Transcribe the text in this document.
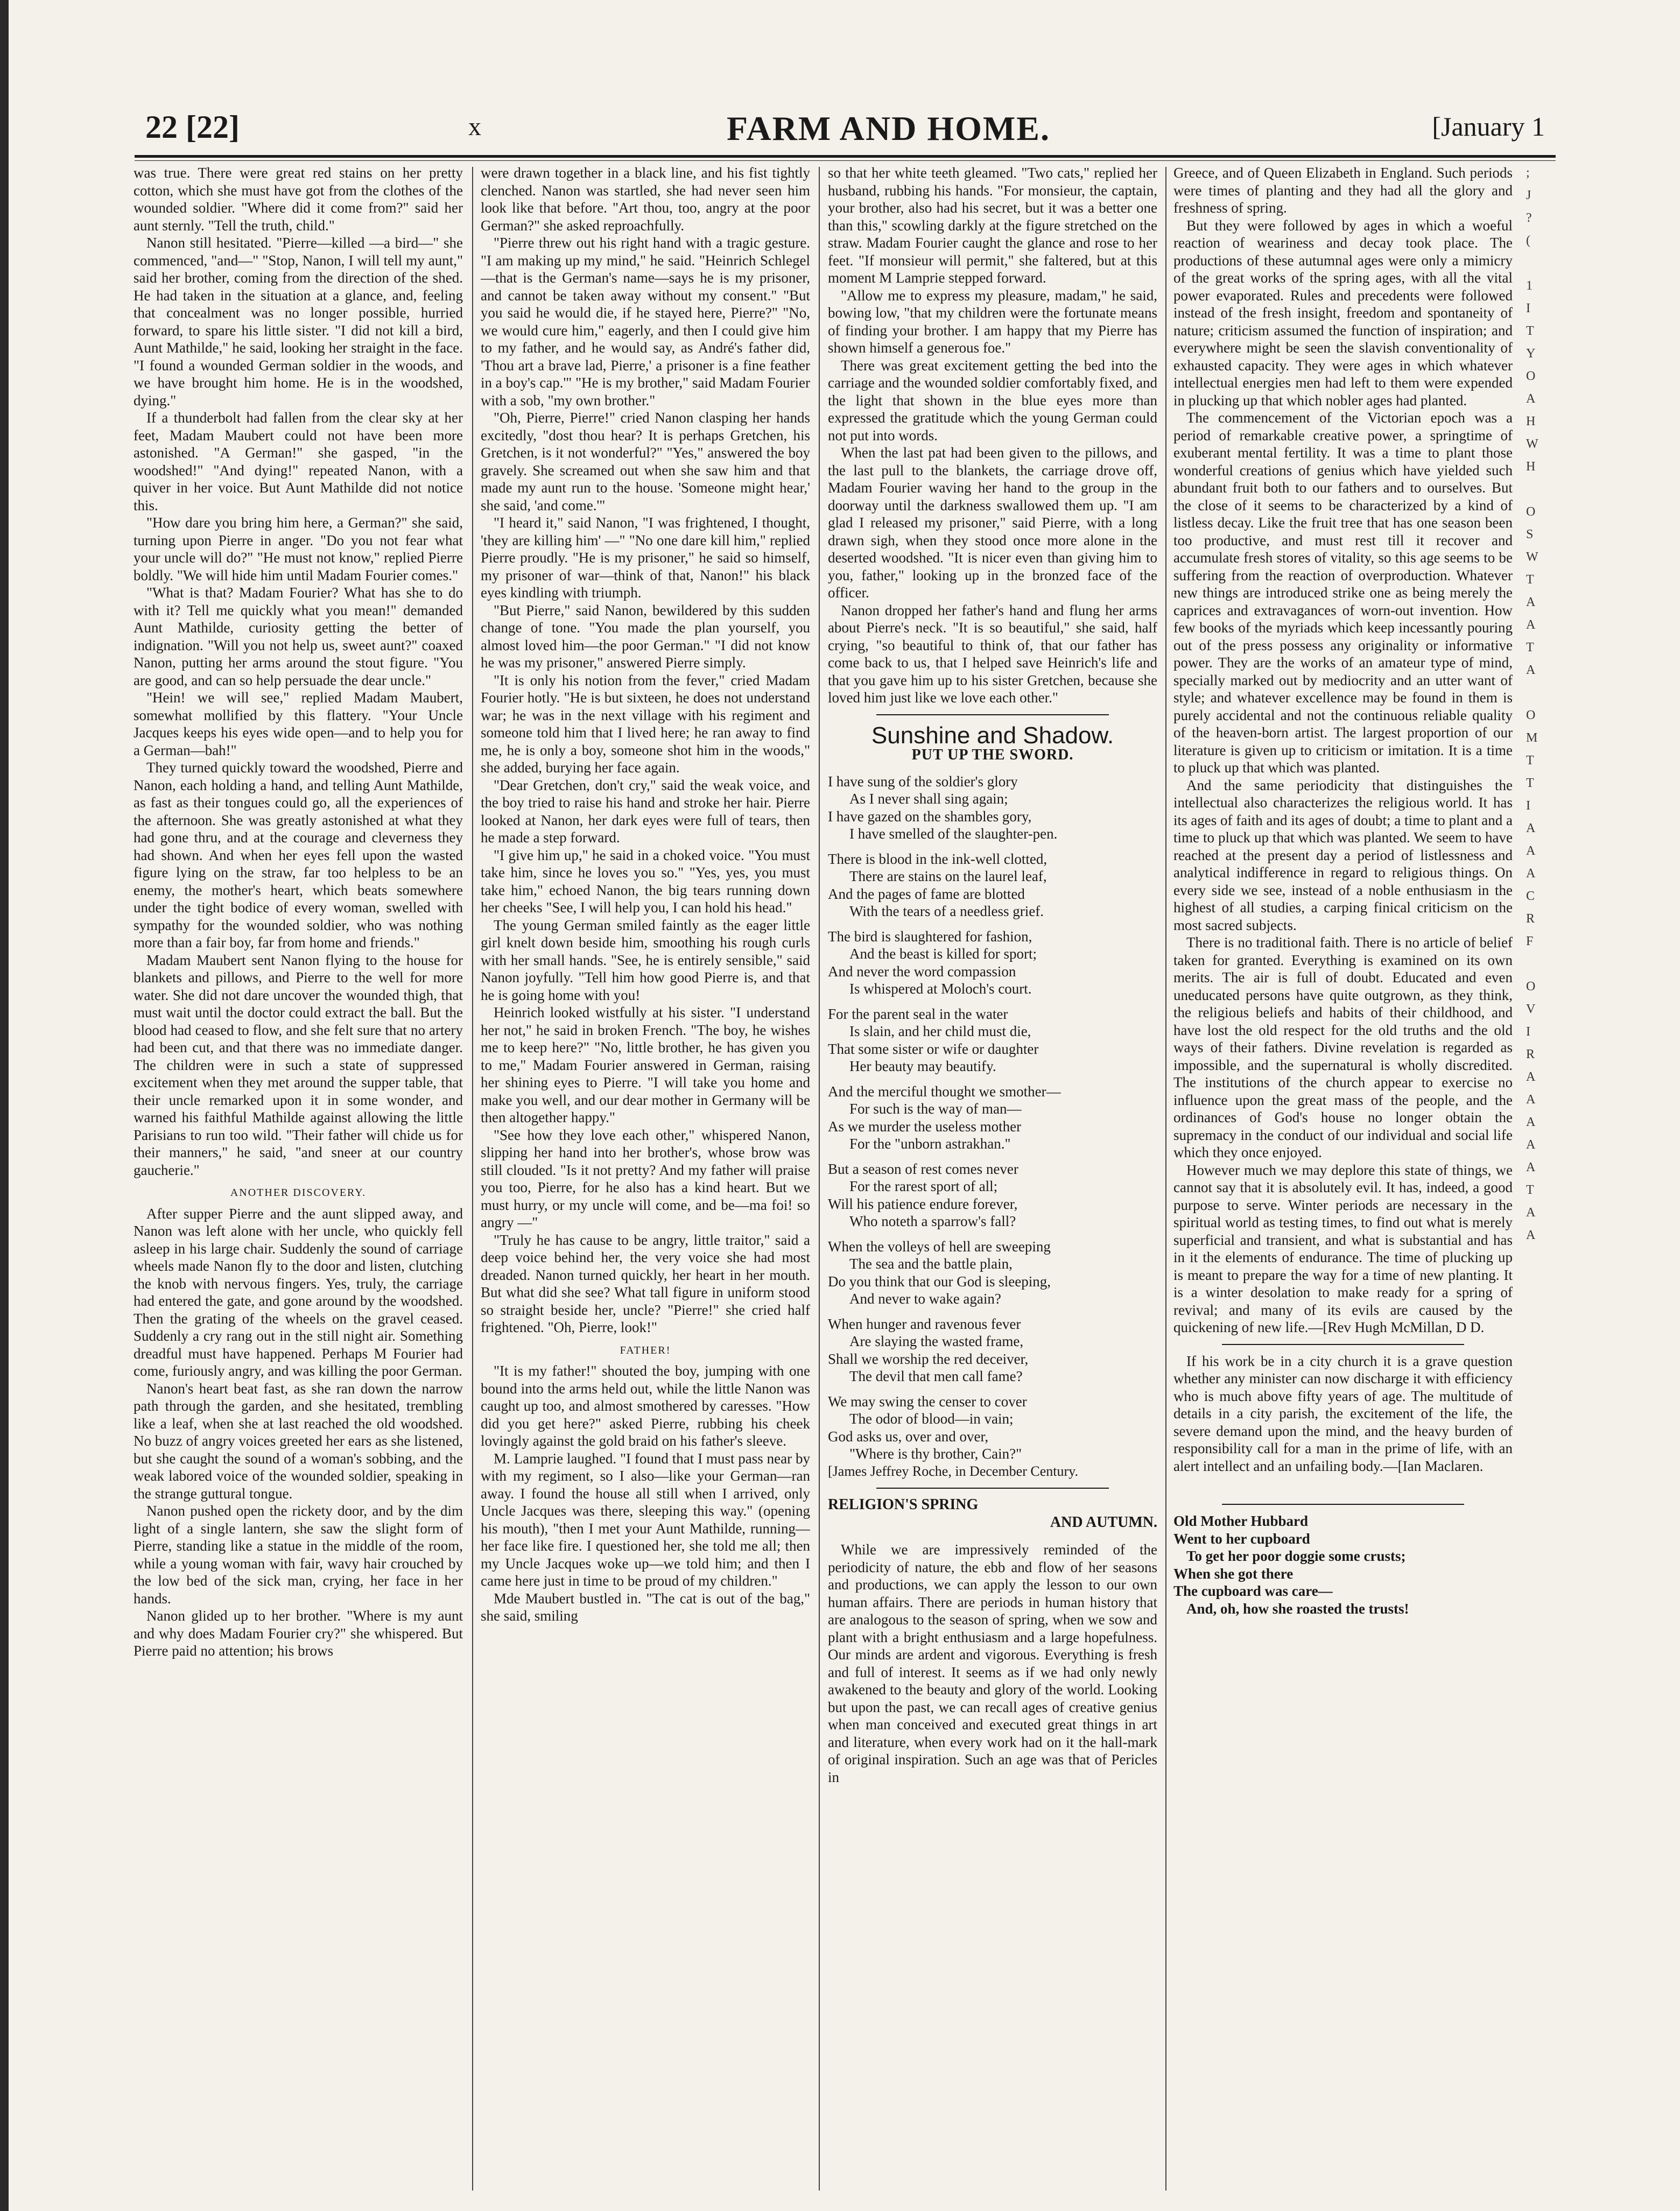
22 [22]	x	FARM AND HOME.	[January 1

was true. There were great red stains on her pretty cotton, which she must have got from the clothes of the wounded soldier. "Where did it come from?" said her aunt sternly. "Tell the truth, child."

Nanon still hesitated. "Pierre—killed —a bird—" she commenced, "and—" "Stop, Nanon, I will tell my aunt," said her brother, coming from the direction of the shed. He had taken in the situation at a glance, and, feeling that concealment was no longer possible, hurried forward, to spare his little sister. "I did not kill a bird, Aunt Mathilde," he said, looking her straight in the face. "I found a wounded German soldier in the woods, and we have brought him home. He is in the woodshed, dying."

If a thunderbolt had fallen from the clear sky at her feet, Madam Maubert could not have been more astonished. "A German!" she gasped, "in the woodshed!" "And dying!" repeated Nanon, with a quiver in her voice. But Aunt Mathilde did not notice this.

"How dare you bring him here, a German?" she said, turning upon Pierre in anger. "Do you not fear what your uncle will do?" "He must not know," replied Pierre boldly. "We will hide him until Madam Fourier comes."

"What is that? Madam Fourier? What has she to do with it? Tell me quickly what you mean!" demanded Aunt Mathilde, curiosity getting the better of indignation. "Will you not help us, sweet aunt?" coaxed Nanon, putting her arms around the stout figure. "You are good, and can so help persuade the dear uncle."

"Hein! we will see," replied Madam Maubert, somewhat mollified by this flattery. "Your Uncle Jacques keeps his eyes wide open—and to help you for a German—bah!"

They turned quickly toward the woodshed, Pierre and Nanon, each holding a hand, and telling Aunt Mathilde, as fast as their tongues could go, all the experiences of the afternoon. She was greatly astonished at what they had gone thru, and at the courage and cleverness they had shown. And when her eyes fell upon the wasted figure lying on the straw, far too helpless to be an enemy, the mother's heart, which beats somewhere under the tight bodice of every woman, swelled with sympathy for the wounded soldier, who was nothing more than a fair boy, far from home and friends."

Madam Maubert sent Nanon flying to the house for blankets and pillows, and Pierre to the well for more water. She did not dare uncover the wounded thigh, that must wait until the doctor could extract the ball. But the blood had ceased to flow, and she felt sure that no artery had been cut, and that there was no immediate danger. The children were in such a state of suppressed excitement when they met around the supper table, that their uncle remarked upon it in some wonder, and warned his faithful Mathilde against allowing the little Parisians to run too wild. "Their father will chide us for their manners," he said, "and sneer at our country gaucherie."

ANOTHER DISCOVERY.

After supper Pierre and the aunt slipped away, and Nanon was left alone with her uncle, who quickly fell asleep in his large chair. Suddenly the sound of carriage wheels made Nanon fly to the door and listen, clutching the knob with nervous fingers. Yes, truly, the carriage had entered the gate, and gone around by the woodshed. Then the grating of the wheels on the gravel ceased. Suddenly a cry rang out in the still night air. Something dreadful must have happened. Perhaps M Fourier had come, furiously angry, and was killing the poor German.

Nanon's heart beat fast, as she ran down the narrow path through the garden, and she hesitated, trembling like a leaf, when she at last reached the old woodshed. No buzz of angry voices greeted her ears as she listened, but she caught the sound of a woman's sobbing, and the weak labored voice of the wounded soldier, speaking in the strange guttural tongue.

Nanon pushed open the rickety door, and by the dim light of a single lantern, she saw the slight form of Pierre, standing like a statue in the middle of the room, while a young woman with fair, wavy hair crouched by the low bed of the sick man, crying, her face in her hands.

Nanon glided up to her brother. "Where is my aunt and why does Madam Fourier cry?" she whispered. But Pierre paid no attention; his brows

were drawn together in a black line, and his fist tightly clenched. Nanon was startled, she had never seen him look like that before. "Art thou, too, angry at the poor German?" she asked reproachfully.

"Pierre threw out his right hand with a tragic gesture. "I am making up my mind," he said. "Heinrich Schlegel—that is the German's name—says he is my prisoner, and cannot be taken away without my consent." "But you said he would die, if he stayed here, Pierre?" "No, we would cure him," eagerly, and then I could give him to my father, and he would say, as André's father did, 'Thou art a brave lad, Pierre,' a prisoner is a fine feather in a boy's cap.'" "He is my brother," said Madam Fourier with a sob, "my own brother."

"Oh, Pierre, Pierre!" cried Nanon clasping her hands excitedly, "dost thou hear? It is perhaps Gretchen, his Gretchen, is it not wonderful?" "Yes," answered the boy gravely. She screamed out when she saw him and that made my aunt run to the house. 'Someone might hear,' she said, 'and come.'"

"I heard it," said Nanon, "I was frightened, I thought, 'they are killing him' —" "No one dare kill him," replied Pierre proudly. "He is my prisoner," he said so himself, my prisoner of war—think of that, Nanon!" his black eyes kindling with triumph.

"But Pierre," said Nanon, bewildered by this sudden change of tone. "You made the plan yourself, you almost loved him—the poor German." "I did not know he was my prisoner," answered Pierre simply.

"It is only his notion from the fever," cried Madam Fourier hotly. "He is but sixteen, he does not understand war; he was in the next village with his regiment and someone told him that I lived here; he ran away to find me, he is only a boy, someone shot him in the woods," she added, burying her face again.

"Dear Gretchen, don't cry," said the weak voice, and the boy tried to raise his hand and stroke her hair. Pierre looked at Nanon, her dark eyes were full of tears, then he made a step forward.

"I give him up," he said in a choked voice. "You must take him, since he loves you so." "Yes, yes, you must take him," echoed Nanon, the big tears running down her cheeks "See, I will help you, I can hold his head."

The young German smiled faintly as the eager little girl knelt down beside him, smoothing his rough curls with her small hands. "See, he is entirely sensible," said Nanon joyfully. "Tell him how good Pierre is, and that he is going home with you!

Heinrich looked wistfully at his sister. "I understand her not," he said in broken French. "The boy, he wishes me to keep here?" "No, little brother, he has given you to me," Madam Fourier answered in German, raising her shining eyes to Pierre. "I will take you home and make you well, and our dear mother in Germany will be then altogether happy."

"See how they love each other," whispered Nanon, slipping her hand into her brother's, whose brow was still clouded. "Is it not pretty? And my father will praise you too, Pierre, for he also has a kind heart. But we must hurry, or my uncle will come, and be—ma foi! so angry —"

"Truly he has cause to be angry, little traitor," said a deep voice behind her, the very voice she had most dreaded. Nanon turned quickly, her heart in her mouth. But what did she see? What tall figure in uniform stood so straight beside her, uncle? "Pierre!" she cried half frightened. "Oh, Pierre, look!"

FATHER!

"It is my father!" shouted the boy, jumping with one bound into the arms held out, while the little Nanon was caught up too, and almost smothered by caresses. "How did you get here?" asked Pierre, rubbing his cheek lovingly against the gold braid on his father's sleeve.

M. Lamprie laughed. "I found that I must pass near by with my regiment, so I also—like your German—ran away. I found the house all still when I arrived, only Uncle Jacques was there, sleeping this way." (opening his mouth), "then I met your Aunt Mathilde, running—her face like fire. I questioned her, she told me all; then my Uncle Jacques woke up—we told him; and then I came here just in time to be proud of my children."

Mde Maubert bustled in. "The cat is out of the bag," she said, smiling

so that her white teeth gleamed. "Two cats," replied her husband, rubbing his hands. "For monsieur, the captain, your brother, also had his secret, but it was a better one than this," scowling darkly at the figure stretched on the straw. Madam Fourier caught the glance and rose to her feet. "If monsieur will permit," she faltered, but at this moment M Lamprie stepped forward.

"Allow me to express my pleasure, madam," he said, bowing low, "that my children were the fortunate means of finding your brother. I am happy that my Pierre has shown himself a generous foe."

There was great excitement getting the bed into the carriage and the wounded soldier comfortably fixed, and the light that shown in the blue eyes more than expressed the gratitude which the young German could not put into words.

When the last pat had been given to the pillows, and the last pull to the blankets, the carriage drove off, Madam Fourier waving her hand to the group in the doorway until the darkness swallowed them up. "I am glad I released my prisoner," said Pierre, with a long drawn sigh, when they stood once more alone in the deserted woodshed. "It is nicer even than giving him to you, father," looking up in the bronzed face of the officer.

Nanon dropped her father's hand and flung her arms about Pierre's neck. "It is so beautiful," she said, half crying, "so beautiful to think of, that our father has come back to us, that I helped save Heinrich's life and that you gave him up to his sister Gretchen, because she loved him just like we love each other."

Sunshine and Shadow.

PUT UP THE SWORD.

I have sung of the soldier's glory
As I never shall sing again;
I have gazed on the shambles gory,
I have smelled of the slaughter-pen.

There is blood in the ink-well clotted,
There are stains on the laurel leaf,
And the pages of fame are blotted
With the tears of a needless grief.

The bird is slaughtered for fashion,
And the beast is killed for sport;
And never the word compassion
Is whispered at Moloch's court.

For the parent seal in the water
Is slain, and her child must die,
That some sister or wife or daughter
Her beauty may beautify.

And the merciful thought we smother—
For such is the way of man—
As we murder the useless mother
For the "unborn astrakhan."

But a season of rest comes never
For the rarest sport of all;
Will his patience endure forever,
Who noteth a sparrow's fall?

When the volleys of hell are sweeping
The sea and the battle plain,
Do you think that our God is sleeping,
And never to wake again?

When hunger and ravenous fever
Are slaying the wasted frame,
Shall we worship the red deceiver,
The devil that men call fame?

We may swing the censer to cover
The odor of blood—in vain;
God asks us, over and over,
"Where is thy brother, Cain?"

[James Jeffrey Roche, in December Century.

RELIGION'S SPRING

AND AUTUMN.

While we are impressively reminded of the periodicity of nature, the ebb and flow of her seasons and productions, we can apply the lesson to our own human affairs. There are periods in human history that are analogous to the season of spring, when we sow and plant with a bright enthusiasm and a large hopefulness. Our minds are ardent and vigorous. Everything is fresh and full of interest. It seems as if we had only newly awakened to the beauty and glory of the world. Looking but upon the past, we can recall ages of creative genius when man conceived and executed great things in art and literature, when every work had on it the hall-mark of original inspiration. Such an age was that of Pericles in

Greece, and of Queen Elizabeth in England. Such periods were times of planting and they had all the glory and freshness of spring.

But they were followed by ages in which a woeful reaction of weariness and decay took place. The productions of these autumnal ages were only a mimicry of the great works of the spring ages, with all the vital power evaporated. Rules and precedents were followed instead of the fresh insight, freedom and spontaneity of nature; criticism assumed the function of inspiration; and everywhere might be seen the slavish conventionality of exhausted capacity. They were ages in which whatever intellectual energies men had left to them were expended in plucking up that which nobler ages had planted.

The commencement of the Victorian epoch was a period of remarkable creative power, a springtime of exuberant mental fertility. It was a time to plant those wonderful creations of genius which have yielded such abundant fruit both to our fathers and to ourselves. But the close of it seems to be characterized by a kind of listless decay. Like the fruit tree that has one season been too productive, and must rest till it recover and accumulate fresh stores of vitality, so this age seems to be suffering from the reaction of overproduction. Whatever new things are introduced strike one as being merely the caprices and extravagances of worn-out invention. How few books of the myriads which keep incessantly pouring out of the press possess any originality or informative power. They are the works of an amateur type of mind, specially marked out by mediocrity and an utter want of style; and whatever excellence may be found in them is purely accidental and not the continuous reliable quality of the heaven-born artist. The largest proportion of our literature is given up to criticism or imitation. It is a time to pluck up that which was planted.

And the same periodicity that distinguishes the intellectual also characterizes the religious world. It has its ages of faith and its ages of doubt; a time to plant and a time to pluck up that which was planted. We seem to have reached at the present day a period of listlessness and analytical indifference in regard to religious things. On every side we see, instead of a noble enthusiasm in the highest of all studies, a carping finical criticism on the most sacred subjects.

There is no traditional faith. There is no article of belief taken for granted. Everything is examined on its own merits. The air is full of doubt. Educated and even uneducated persons have quite outgrown, as they think, the religious beliefs and habits of their childhood, and have lost the old respect for the old truths and the old ways of their fathers. Divine revelation is regarded as impossible, and the supernatural is wholly discredited. The institutions of the church appear to exercise no influence upon the great mass of the people, and the ordinances of God's house no longer obtain the supremacy in the conduct of our individual and social life which they once enjoyed.

However much we may deplore this state of things, we cannot say that it is absolutely evil. It has, indeed, a good purpose to serve. Winter periods are necessary in the spiritual world as testing times, to find out what is merely superficial and transient, and what is substantial and has in it the elements of endurance. The time of plucking up is meant to prepare the way for a time of new planting. It is a winter desolation to make ready for a spring of revival; and many of its evils are caused by the quickening of new life.—[Rev Hugh McMillan, D D.

If his work be in a city church it is a grave question whether any minister can now discharge it with efficiency who is much above fifty years of age. The multitude of details in a city parish, the excitement of the life, the severe demand upon the mind, and the heavy burden of responsibility call for a man in the prime of life, with an alert intellect and an unfailing body.—[Ian Maclaren.

Old Mother Hubbard
Went to her cupboard
To get her poor doggie some crusts;
When she got there
The cupboard was care—
And, oh, how she roasted the trusts!
;
J
?
(

1
I
T
Y
O
A
H
W
H

O
S
W
T
A
A
T
A

O
M
T
T
I
A
A
A
C
R
F

O
V
I
R
A
A
A
A
A
T
A
A
